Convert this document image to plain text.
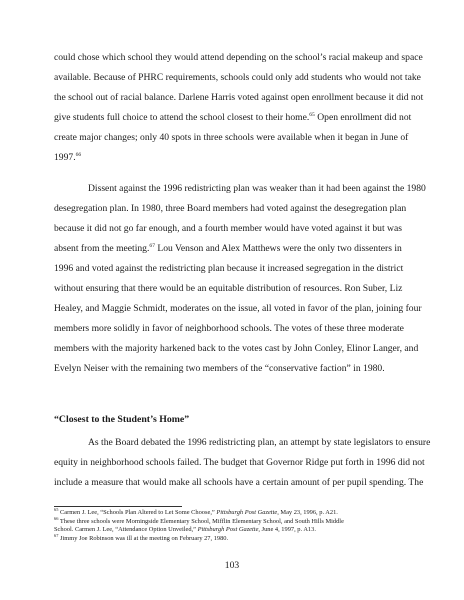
could chose which school they would attend depending on the school’s racial makeup and space
available. Because of PHRC requirements, schools could only add students who would not take
the school out of racial balance. Darlene Harris voted against open enrollment because it did not
give students full choice to attend the school closest to their home.$^{65}$ Open enrollment did not
create major changes; only 40 spots in three schools were available when it began in June of
1997.66
Dissent against the 1996 redistricting plan was weaker than it had been against the 1980
desegregation plan. In 1980, three Board members had voted against the desegregation plan
because it did not go far enough, and a fourth member would have voted against it but was
absent from the meeting.$^{67}$ Lou Venson and Alex Matthews were the only two dissenters in
1996 and voted against the redistricting plan because it increased segregation in the district
without ensuring that there would be an equitable distribution of resources. Ron Suber, Liz
Healey, and Maggie Schmidt, moderates on the issue, all voted in favor of the plan, joining four
members more solidly in favor of neighborhood schools. The votes of these three moderate
members with the majority harkened back to the votes cast by John Conley, Elinor Langer, and
Evelyn Neiser with the remaining two members of the “conservative faction” in 1980.
“Closest to the Student’s Home”
As the Board debated the 1996 redistricting plan, an attempt by state legislators to ensure
equity in neighborhood schools failed. The budget that Governor Ridge put forth in 1996 did not
include a measure that would make all schools have a certain amount of per pupil spending. The
$^{65}$ Carmen J. Lee, “Schools Plan Altered to Let Some Choose,” Pittsburgh Post Gazette, May 23, 1996, p. A21.
$^{66}$ These three schools were Morningside Elementary School, Mifflin Elementary School, and South Hills Middle
School. Carmen J. Lee, “Attendance Option Unveiled,” Pittsburgh Post Gazette, June 4, 1997, p. A13.
$^{67}$ Jimmy Joe Robinson was ill at the meeting on February 27, 1980.
103
